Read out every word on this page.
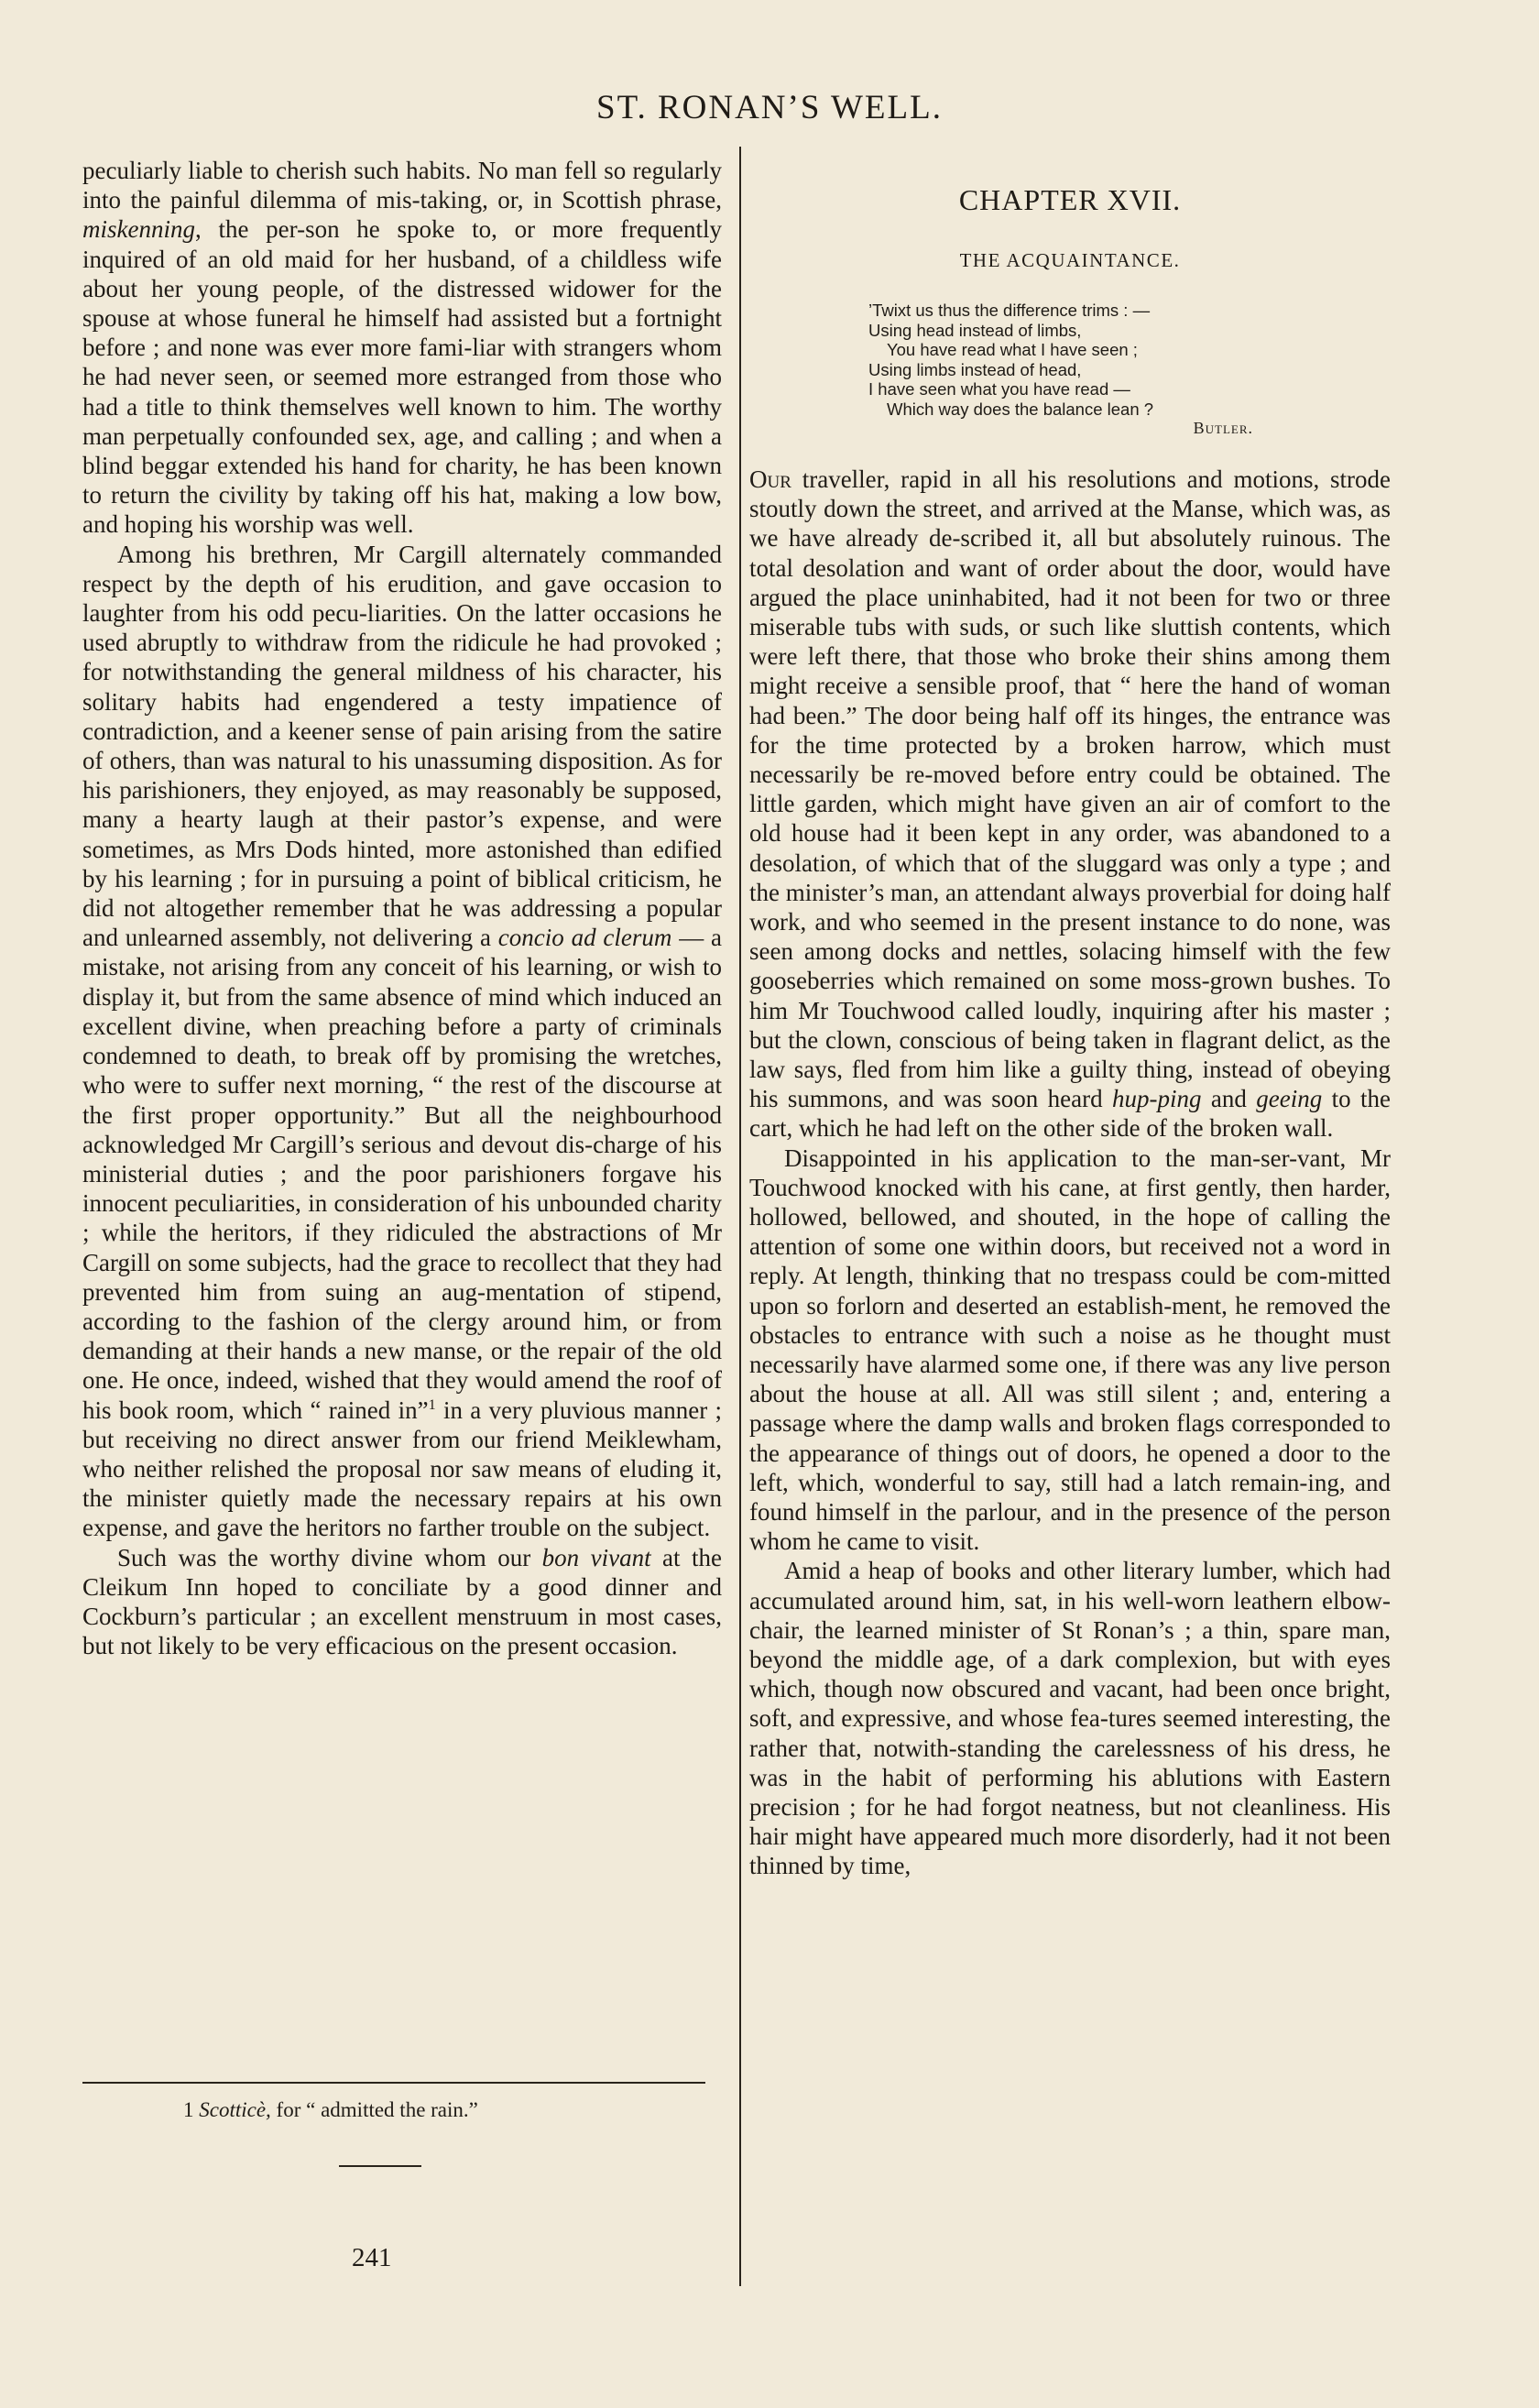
ST. RONAN’S WELL.

peculiarly liable to cherish such habits. No man fell so regularly into the painful dilemma of mis-taking, or, in Scottish phrase, miskenning, the per-son he spoke to, or more frequently inquired of an old maid for her husband, of a childless wife about her young people, of the distressed widower for the spouse at whose funeral he himself had assisted but a fortnight before ; and none was ever more fami-liar with strangers whom he had never seen, or seemed more estranged from those who had a title to think themselves well known to him. The worthy man perpetually confounded sex, age, and calling ; and when a blind beggar extended his hand for charity, he has been known to return the civility by taking off his hat, making a low bow, and hoping his worship was well.

Among his brethren, Mr Cargill alternately commanded respect by the depth of his erudition, and gave occasion to laughter from his odd pecu-liarities. On the latter occasions he used abruptly to withdraw from the ridicule he had provoked ; for notwithstanding the general mildness of his character, his solitary habits had engendered a testy impatience of contradiction, and a keener sense of pain arising from the satire of others, than was natural to his unassuming disposition. As for his parishioners, they enjoyed, as may reasonably be supposed, many a hearty laugh at their pastor’s expense, and were sometimes, as Mrs Dods hinted, more astonished than edified by his learning ; for in pursuing a point of biblical criticism, he did not altogether remember that he was addressing a popular and unlearned assembly, not delivering a concio ad clerum — a mistake, not arising from any conceit of his learning, or wish to display it, but from the same absence of mind which induced an excellent divine, when preaching before a party of criminals condemned to death, to break off by promising the wretches, who were to suffer next morning, “ the rest of the discourse at the first proper opportunity.” But all the neighbourhood acknowledged Mr Cargill’s serious and devout dis-charge of his ministerial duties ; and the poor parishioners forgave his innocent peculiarities, in consideration of his unbounded charity ; while the heritors, if they ridiculed the abstractions of Mr Cargill on some subjects, had the grace to recollect that they had prevented him from suing an aug-mentation of stipend, according to the fashion of the clergy around him, or from demanding at their hands a new manse, or the repair of the old one. He once, indeed, wished that they would amend the roof of his book room, which “ rained in”$^1$ in a very pluvious manner ; but receiving no direct answer from our friend Meiklewham, who neither relished the proposal nor saw means of eluding it, the minister quietly made the necessary repairs at his own expense, and gave the heritors no farther trouble on the subject.

Such was the worthy divine whom our bon vivant at the Cleikum Inn hoped to conciliate by a good dinner and Cockburn’s particular ; an excellent menstruum in most cases, but not likely to be very efficacious on the present occasion.

1 Scotticè, for “ admitted the rain.”
241
CHAPTER XVII.
THE ACQUAINTANCE.
’Twixt us thus the difference trims : —
Using head instead of limbs,
You have read what I have seen ;
Using limbs instead of head,
I have seen what you have read —
Which way does the balance lean ?
Butler.

Our traveller, rapid in all his resolutions and motions, strode stoutly down the street, and arrived at the Manse, which was, as we have already de-scribed it, all but absolutely ruinous. The total desolation and want of order about the door, would have argued the place uninhabited, had it not been for two or three miserable tubs with suds, or such like sluttish contents, which were left there, that those who broke their shins among them might receive a sensible proof, that “ here the hand of woman had been.” The door being half off its hinges, the entrance was for the time protected by a broken harrow, which must necessarily be re-moved before entry could be obtained. The little garden, which might have given an air of comfort to the old house had it been kept in any order, was abandoned to a desolation, of which that of the sluggard was only a type ; and the minister’s man, an attendant always proverbial for doing half work, and who seemed in the present instance to do none, was seen among docks and nettles, solacing himself with the few gooseberries which remained on some moss-grown bushes. To him Mr Touchwood called loudly, inquiring after his master ; but the clown, conscious of being taken in flagrant delict, as the law says, fled from him like a guilty thing, instead of obeying his summons, and was soon heard hup-ping and geeing to the cart, which he had left on the other side of the broken wall.

Disappointed in his application to the man-ser-vant, Mr Touchwood knocked with his cane, at first gently, then harder, hollowed, bellowed, and shouted, in the hope of calling the attention of some one within doors, but received not a word in reply. At length, thinking that no trespass could be com-mitted upon so forlorn and deserted an establish-ment, he removed the obstacles to entrance with such a noise as he thought must necessarily have alarmed some one, if there was any live person about the house at all. All was still silent ; and, entering a passage where the damp walls and broken flags corresponded to the appearance of things out of doors, he opened a door to the left, which, wonderful to say, still had a latch remain-ing, and found himself in the parlour, and in the presence of the person whom he came to visit.

Amid a heap of books and other literary lumber, which had accumulated around him, sat, in his well-worn leathern elbow-chair, the learned minister of St Ronan’s ; a thin, spare man, beyond the middle age, of a dark complexion, but with eyes which, though now obscured and vacant, had been once bright, soft, and expressive, and whose fea-tures seemed interesting, the rather that, notwith-standing the carelessness of his dress, he was in the habit of performing his ablutions with Eastern precision ; for he had forgot neatness, but not cleanliness. His hair might have appeared much more disorderly, had it not been thinned by time,
